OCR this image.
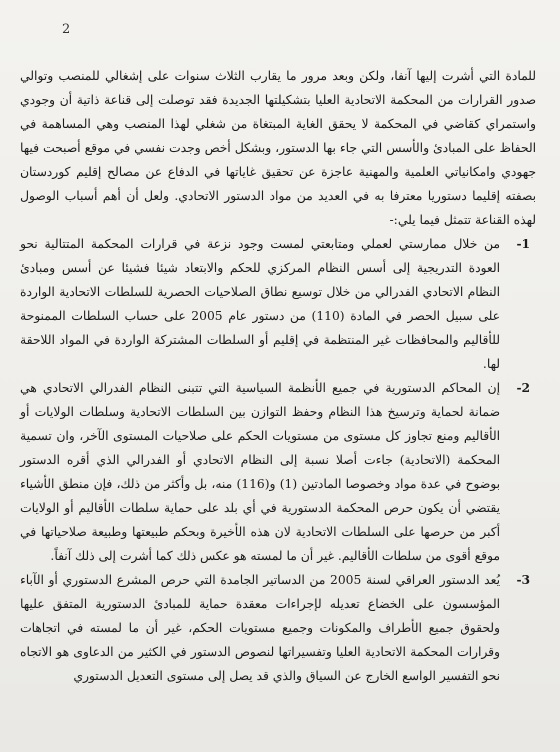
2

للمادة التي أشرت إليها آنفا، ولكن وبعد مرور ما يقارب الثلاث سنوات على إشغالي للمنصب وتوالي صدور القرارات من المحكمة الاتحادية العليا بتشكيلتها الجديدة فقد توصلت إلى قناعة ذاتية أن وجودي واستمراي كقاضي في المحكمة لا يحقق الغاية المبتغاة من شغلي لهذا المنصب وهي المساهمة في الحفاظ على المبادئ والأسس التي جاء بها الدستور، وبشكل أخص وجدت نفسي في موقع أصبحت فيها جهودي وامكانياتي العلمية والمهنية عاجزة عن تحقيق غاياتها في الدفاع عن مصالح إقليم كوردستان بصفته إقليما دستوريا معترفا به في العديد من مواد الدستور الاتحادي. ولعل أن أهم أسباب الوصول لهذه القناعة تتمثل فيما يلي:-

-1
من خلال ممارستي لعملي ومتابعتي لمست وجود نزعة في قرارات المحكمة المتتالية نحو العودة التدريجية إلى أسس النظام المركزي للحكم والابتعاد شيئا فشيئا عن أسس ومبادئ النظام الاتحادي الفدرالي من خلال توسيع نطاق الصلاحيات الحصرية للسلطات الاتحادية الواردة على سبيل الحصر في المادة (110) من دستور عام 2005 على حساب السلطات الممنوحة للأقاليم والمحافظات غير المنتظمة في إقليم أو السلطات المشتركة الواردة في المواد اللاحقة لها.
-2
إن المحاكم الدستورية في جميع الأنظمة السياسية التي تتبنى النظام الفدرالي الاتحادي هي ضمانة لحماية وترسيخ هذا النظام وحفظ التوازن بين السلطات الاتحادية وسلطات الولايات أو الأقاليم ومنع تجاوز كل مستوى من مستويات الحكم على صلاحيات المستوى الآخر، وان تسمية المحكمة (الاتحادية) جاءت أصلا نسبة إلى النظام الاتحادي أو الفدرالي الذي أقره الدستور بوضوح في عدة مواد وخصوصا المادتين (1) و(116) منه، بل وأكثر من ذلك، فإن منطق الأشياء يقتضي أن يكون حرص المحكمة الدستورية في أي بلد على حماية سلطات الأقاليم أو الولايات أكبر من حرصها على السلطات الاتحادية لان هذه الأخيرة وبحكم طبيعتها وطبيعة صلاحياتها في موقع أقوى من سلطات الأقاليم. غير أن ما لمسته هو عكس ذلك كما أشرت إلى ذلك آنفاً.
-3
يُعد الدستور العراقي لسنة 2005 من الدساتير الجامدة التي حرص المشرع الدستوري أو الآباء المؤسسون على الخضاع تعديله لإجراءات معقدة حماية للمبادئ الدستورية المتفق عليها ولحقوق جميع الأطراف والمكونات وجميع مستويات الحكم، غير أن ما لمسته في اتجاهات وقرارات المحكمة الاتحادية العليا وتفسيراتها لنصوص الدستور في الكثير من الدعاوى هو الاتجاه نحو التفسير الواسع الخارج عن السياق والذي قد يصل إلى مستوى التعديل الدستوري
